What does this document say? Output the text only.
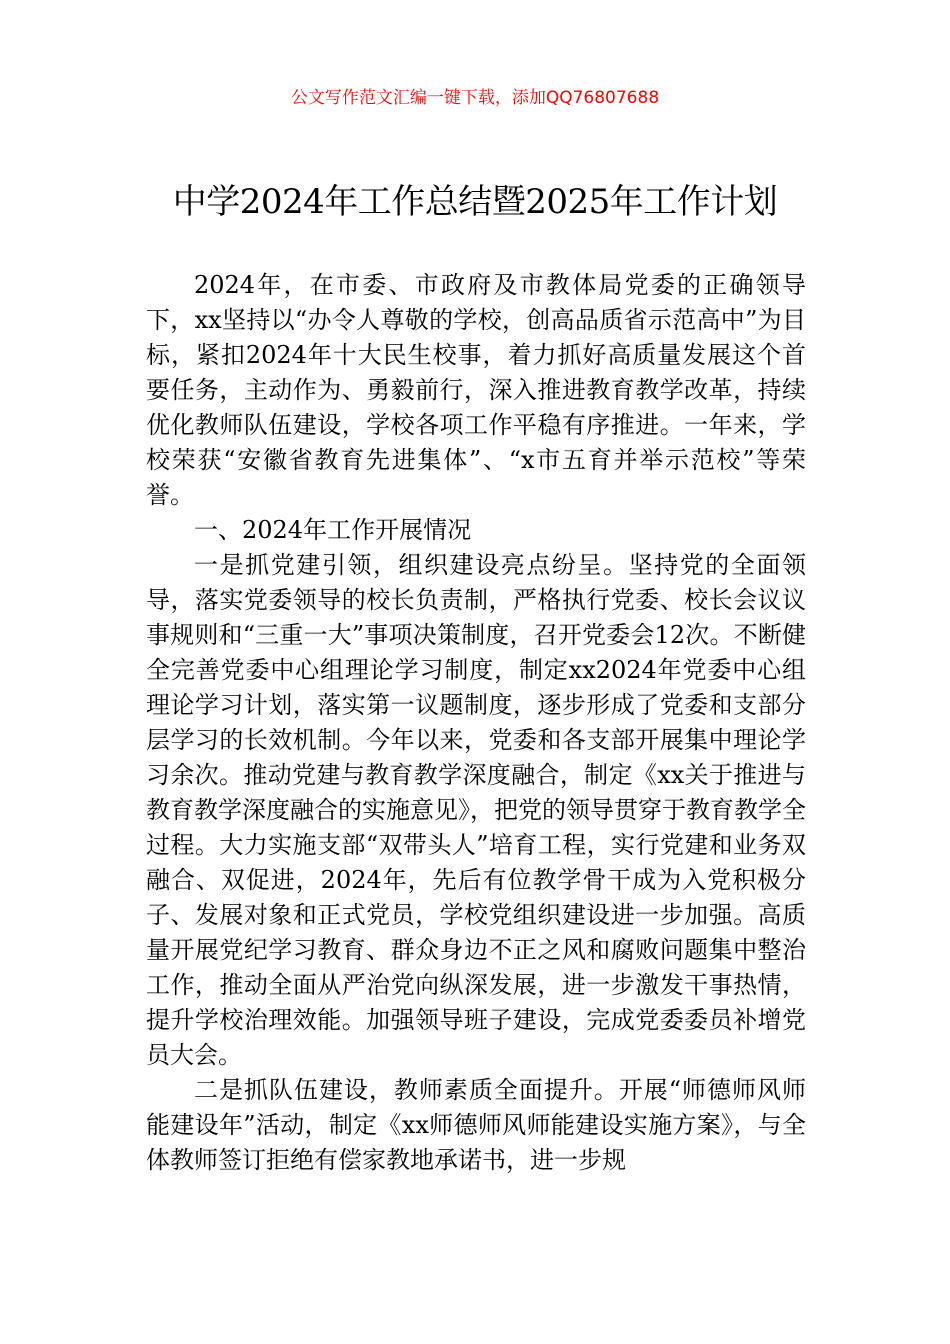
公文写作范文汇编一键下载，添加QQ76807688
中学2024年工作总结暨2025年工作计划

2024年，在市委、市政府及市教体局党委的正确领导下，xx坚持以“办令人尊敬的学校，创高品质省示范高中”为目标，紧扣2024年十大民生校事，着力抓好高质量发展这个首要任务，主动作为、勇毅前行，深入推进教育教学改革，持续优化教师队伍建设，学校各项工作平稳有序推进。一年来，学校荣获“安徽省教育先进集体”、“x市五育并举示范校”等荣誉。

一、2024年工作开展情况

一是抓党建引领，组织建设亮点纷呈。坚持党的全面领导，落实党委领导的校长负责制，严格执行党委、校长会议议事规则和“三重一大”事项决策制度，召开党委会12次。不断健全完善党委中心组理论学习制度，制定xx2024年党委中心组理论学习计划，落实第一议题制度，逐步形成了党委和支部分层学习的长效机制。今年以来，党委和各支部开展集中理论学习余次。推动党建与教育教学深度融合，制定《xx关于推进与教育教学深度融合的实施意见》，把党的领导贯穿于教育教学全过程。大力实施支部“双带头人”培育工程，实行党建和业务双融合、双促进，2024年，先后有位教学骨干成为入党积极分子、发展对象和正式党员，学校党组织建设进一步加强。高质量开展党纪学习教育、群众身边不正之风和腐败问题集中整治工作，推动全面从严治党向纵深发展，进一步激发干事热情，提升学校治理效能。加强领导班子建设，完成党委委员补增党员大会。

二是抓队伍建设，教师素质全面提升。开展“师德师风师能建设年”活动，制定《xx师德师风师能建设实施方案》，与全体教师签订拒绝有偿家教地承诺书，进一步规
